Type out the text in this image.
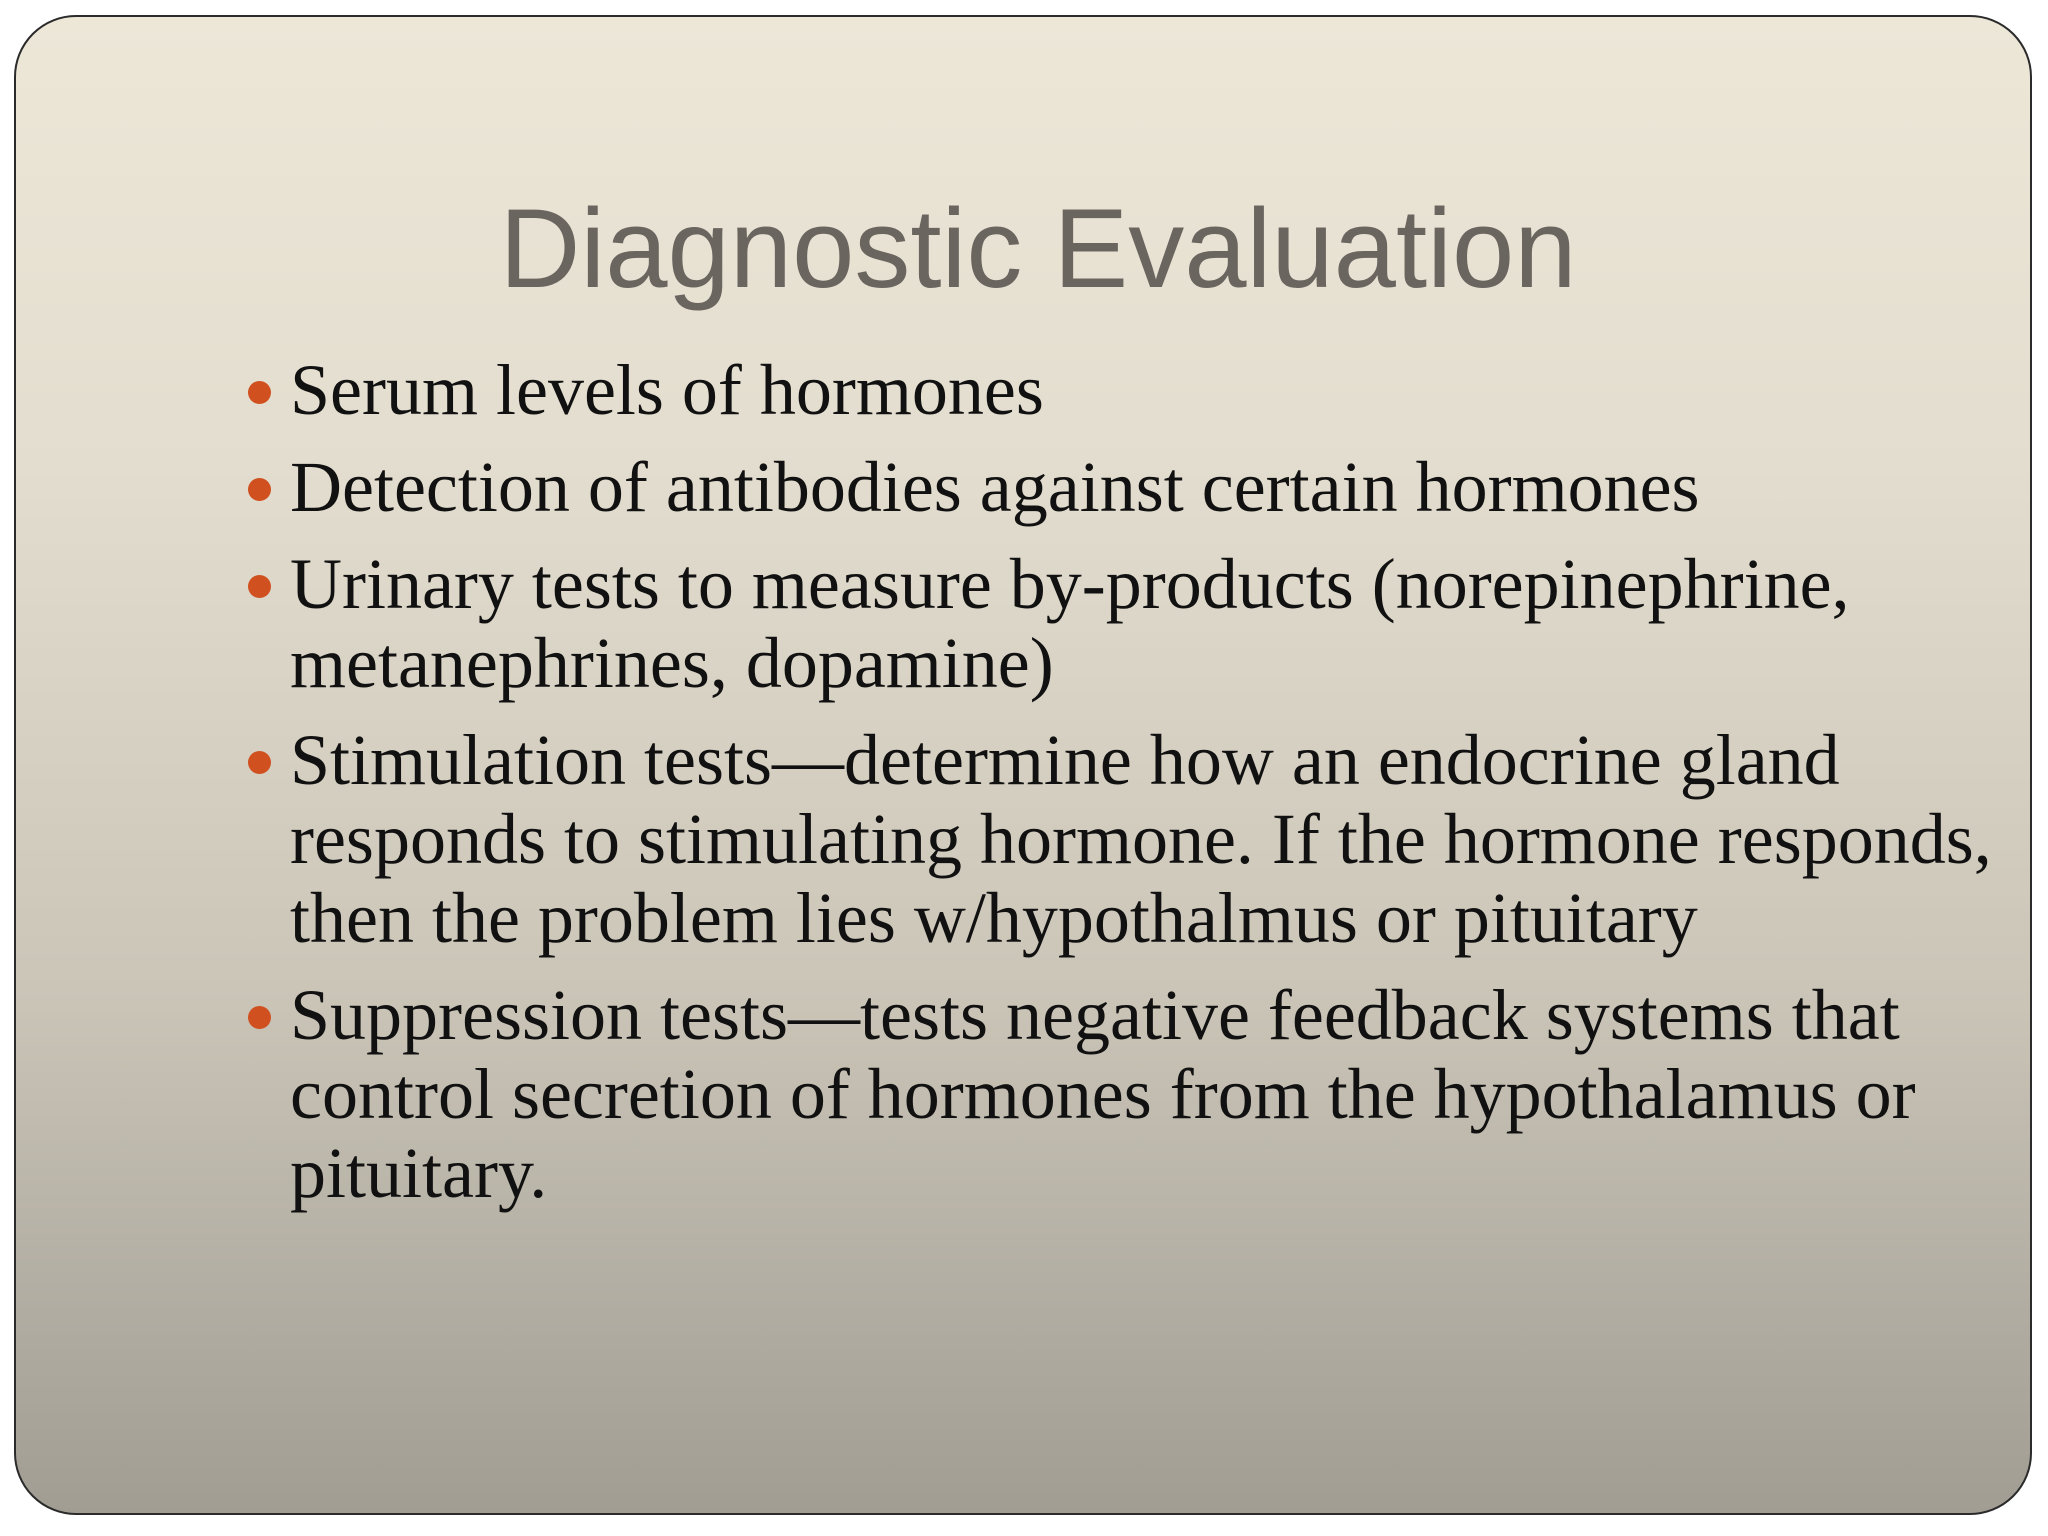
Diagnostic Evaluation
Serum levels of hormones
Detection of antibodies against certain hormones
Urinary tests to measure by-products (norepinephrine, metanephrines, dopamine)
Stimulation tests—determine how an endocrine gland responds to stimulating hormone. If the hormone responds, then the problem lies w/hypothalmus or pituitary
Suppression tests—tests negative feedback systems that control secretion of hormones from the hypothalamus or pituitary.
